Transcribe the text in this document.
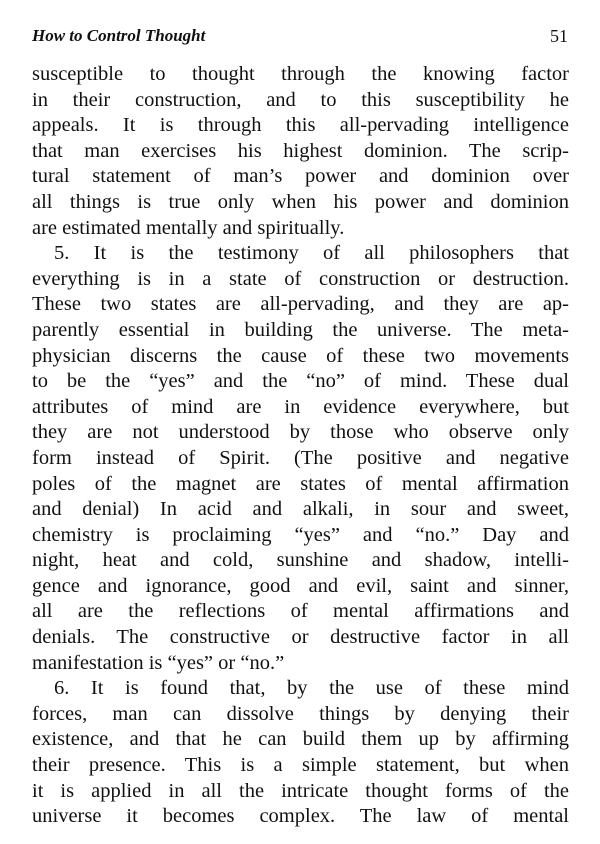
How to Control Thought	51
susceptible to thought through the knowing factor
in their construction, and to this susceptibility he
appeals. It is through this all-pervading intelligence
that man exercises his highest dominion. The scrip-
tural statement of man’s power and dominion over
all things is true only when his power and dominion
are estimated mentally and spiritually.
5. It is the testimony of all philosophers that
everything is in a state of construction or destruction.
These two states are all-pervading, and they are ap-
parently essential in building the universe. The meta-
physician discerns the cause of these two movements
to be the “yes” and the “no” of mind. These dual
attributes of mind are in evidence everywhere, but
they are not understood by those who observe only
form instead of Spirit. (The positive and negative
poles of the magnet are states of mental affirmation
and denial) In acid and alkali, in sour and sweet,
chemistry is proclaiming “yes” and “no.” Day and
night, heat and cold, sunshine and shadow, intelli-
gence and ignorance, good and evil, saint and sinner,
all are the reflections of mental affirmations and
denials. The constructive or destructive factor in all
manifestation is “yes” or “no.”
6. It is found that, by the use of these mind
forces, man can dissolve things by denying their
existence, and that he can build them up by affirming
their presence. This is a simple statement, but when
it is applied in all the intricate thought forms of the
universe it becomes complex. The law of mental
